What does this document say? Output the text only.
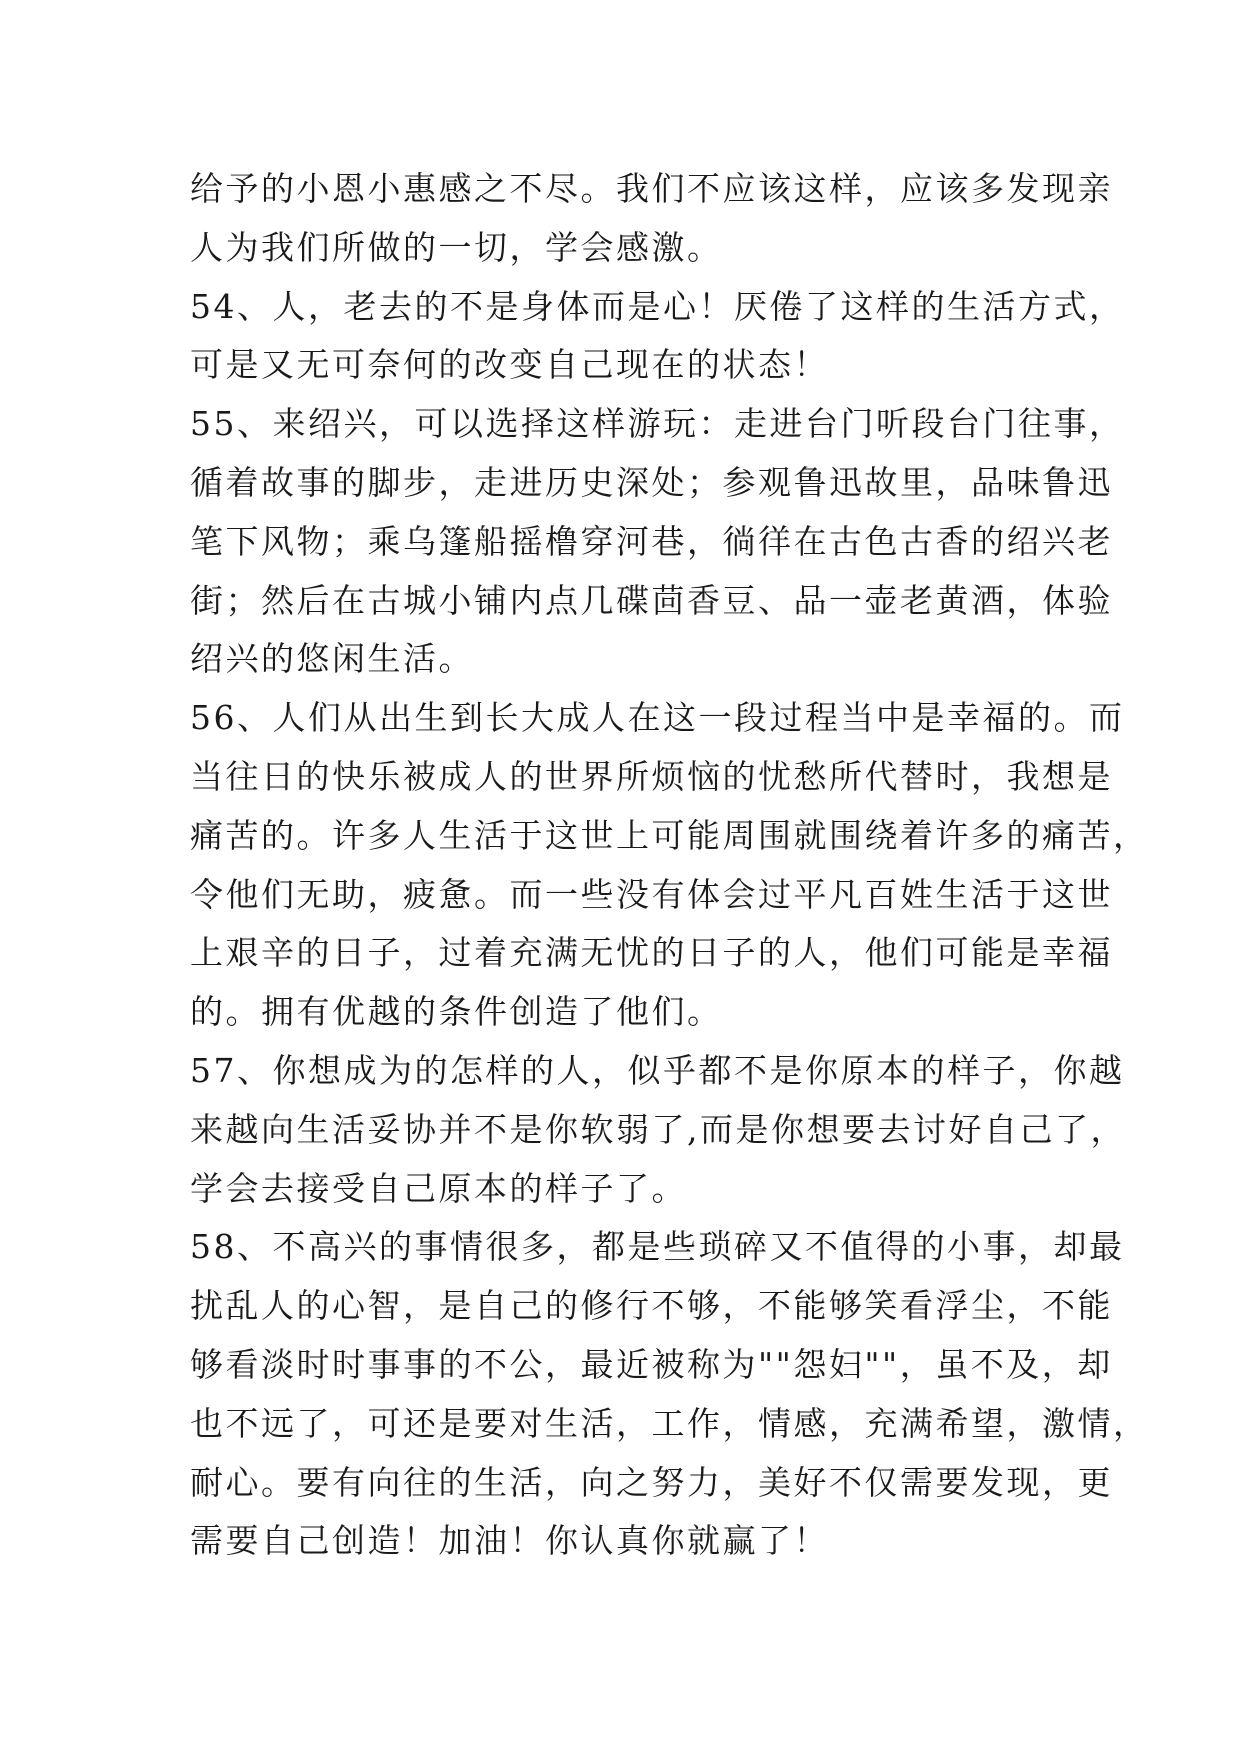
给予的小恩小惠感之不尽。我们不应该这样，应该多发现亲
人为我们所做的一切，学会感激。
54、人，老去的不是身体而是心！厌倦了这样的生活方式，
可是又无可奈何的改变自己现在的状态！
55、来绍兴，可以选择这样游玩：走进台门听段台门往事，
循着故事的脚步，走进历史深处；参观鲁迅故里，品味鲁迅
笔下风物；乘乌篷船摇橹穿河巷，徜徉在古色古香的绍兴老
街；然后在古城小铺内点几碟茴香豆、品一壶老黄酒，体验
绍兴的悠闲生活。
56、人们从出生到长大成人在这一段过程当中是幸福的。而
当往日的快乐被成人的世界所烦恼的忧愁所代替时，我想是
痛苦的。许多人生活于这世上可能周围就围绕着许多的痛苦，
令他们无助，疲惫。而一些没有体会过平凡百姓生活于这世
上艰辛的日子，过着充满无忧的日子的人，他们可能是幸福
的。拥有优越的条件创造了他们。
57、你想成为的怎样的人，似乎都不是你原本的样子，你越
来越向生活妥协并不是你软弱了,而是你想要去讨好自己了，
学会去接受自己原本的样子了。
58、不高兴的事情很多，都是些琐碎又不值得的小事，却最
扰乱人的心智，是自己的修行不够，不能够笑看浮尘，不能
够看淡时时事事的不公，最近被称为""怨妇""，虽不及，却
也不远了，可还是要对生活，工作，情感，充满希望，激情，
耐心。要有向往的生活，向之努力，美好不仅需要发现，更
需要自己创造！加油！你认真你就赢了！
